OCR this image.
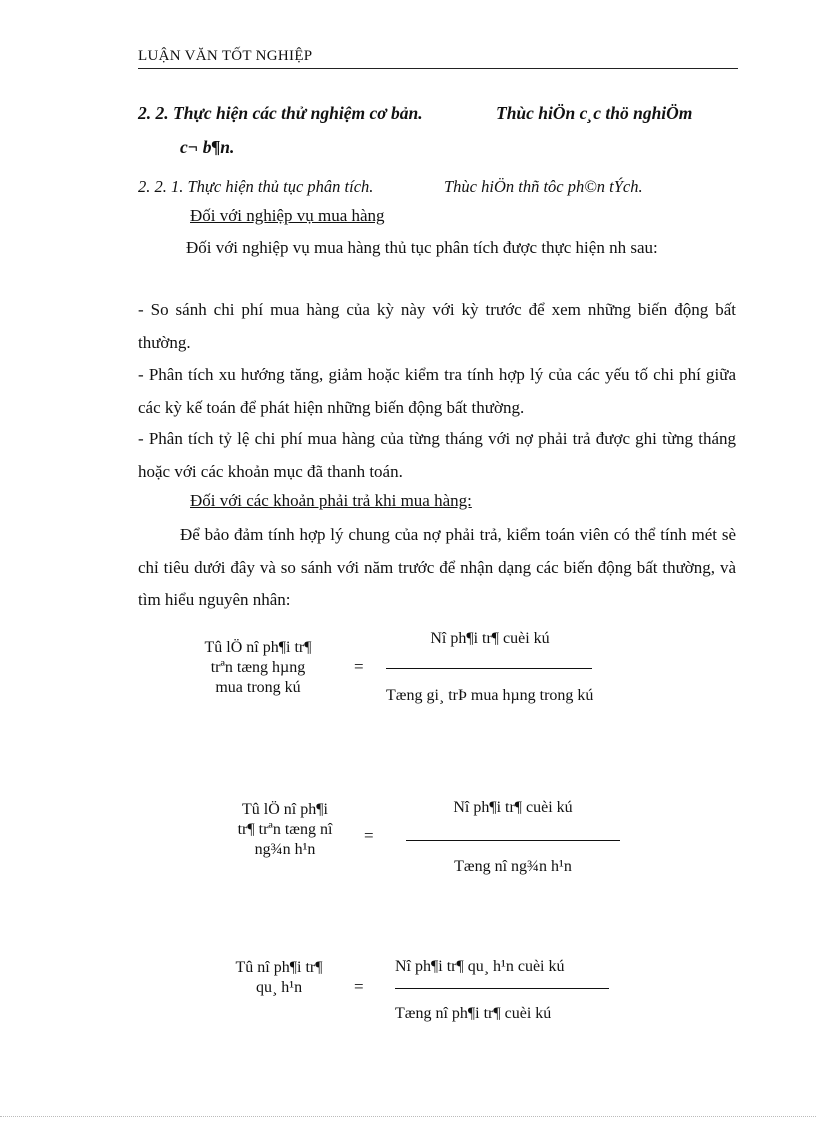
LUẬN VĂN TỐT NGHIỆP
2. 2. Thực hiện các thử nghiệm cơ bản.	Thùc hiÖn c¸c thö nghiÖm
c¬ b¶n.
2. 2. 1. Thực hiện thủ tục phân tích.	Thùc hiÖn thñ tôc ph©n tÝch.
Đối với nghiệp vụ mua hàng
Đối với nghiệp vụ mua hàng thủ tục phân tích được thực hiện nh sau:
- So sánh chi phí mua hàng của kỳ này với kỳ trước để xem những biến động bất thường.
- Phân tích xu hướng tăng, giảm hoặc kiểm tra tính hợp lý của các yếu tố chi phí giữa các kỳ kế toán để phát hiện những biến động bất thường.
- Phân tích tỷ lệ chi phí mua hàng của từng tháng với nợ phải trả được ghi từng tháng hoặc với các khoản mục đã thanh toán.
Đối với các khoản phải trả khi mua hàng:
Để bảo đảm tính hợp lý chung của nợ phải trả, kiểm toán viên có thể tính mét sè chỉ tiêu dưới đây và so sánh với năm trước để nhận dạng các biến động bất thường, và tìm hiểu nguyên nhân:
Tû lÖ nî ph¶i tr¶
trªn tæng hµng
mua trong kú
=
Nî ph¶i tr¶ cuèi kú
Tæng gi¸ trÞ mua hµng trong kú
Tû lÖ nî ph¶i
tr¶ trªn tæng nî
ng¾n h¹n
=
Nî ph¶i tr¶ cuèi kú
Tæng nî ng¾n h¹n
Tû nî ph¶i tr¶
qu¸ h¹n	=
Nî ph¶i tr¶ qu¸ h¹n cuèi kú
Tæng nî ph¶i tr¶ cuèi kú
